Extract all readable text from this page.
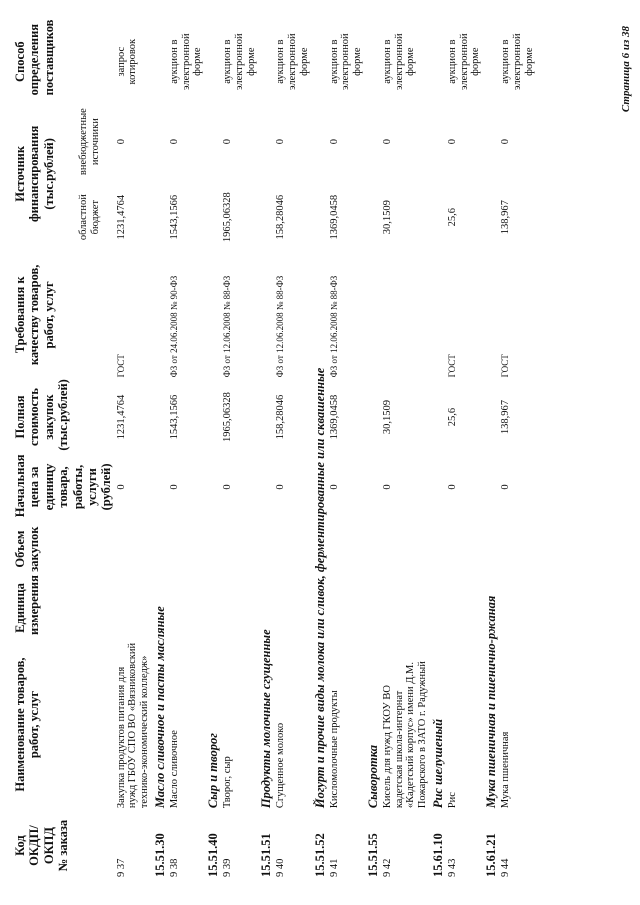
Код ОКДП/ ОКПД № заказа	Наименование товаров, работ, услуг	Единица измерения	Объем закупок	Начальная цена за единицу товара, работы, услуги (рублей)	Полная стоимость закупок (тыс.рублей)	Требования к качеству товаров, работ, услуг	Источник финансирования (тыс.рублей)		Способ определения поставщиков
							областной бюджет	внебюджетные источники	
9 37	Закупка продуктов питания для нужд ГБОУ СПО ВО «Вязниковский технико-экономический колледж»			0	1231,4764	ГОСТ	1231,4764	0	запрос котировок
15.51.30	Масло сливочное и пасты масляные								
9 38	Масло сливочное			0	1543,1566	ФЗ от 24.06.2008 № 90-ФЗ	1543,1566	0	аукцион в электронной форме
15.51.40	Сыр и творог								
9 39	Творог, сыр			0	1965,06328	ФЗ от 12.06.2008 № 88-ФЗ	1965,06328	0	аукцион в электронной форме
15.51.51	Продукты молочные сгущенные								
9 40	Сгущенное молоко			0	158,28046	ФЗ от 12.06.2008 № 88-ФЗ	158,28046	0	аукцион в электронной форме
15.51.52	Йогурт и прочие виды молока или сливок, ферментированные или сквашенные								
9 41	Кисломолочные продукты			0	1369,0458	ФЗ от 12.06.2008 № 88-ФЗ	1369,0458	0	аукцион в электронной форме
15.51.55	Сыворотка								
9 42	Кисель для нужд ГКОУ ВО кадетская школа-интернат «Кадетский корпус» имени Д.М. Пожарского в ЗАТО г. Радужный			0	30,1509		30,1509	0	аукцион в электронной форме
15.61.10	Рис шелушеный								
9 43	Рис			0	25,6	ГОСТ	25,6	0	аукцион в электронной форме
15.61.21	Мука пшеничная и пшенично-ржаная								
9 44	Мука пшеничная			0	138,967	ГОСТ	138,967	0	аукцион в электронной форме	Страница 6 из 38
